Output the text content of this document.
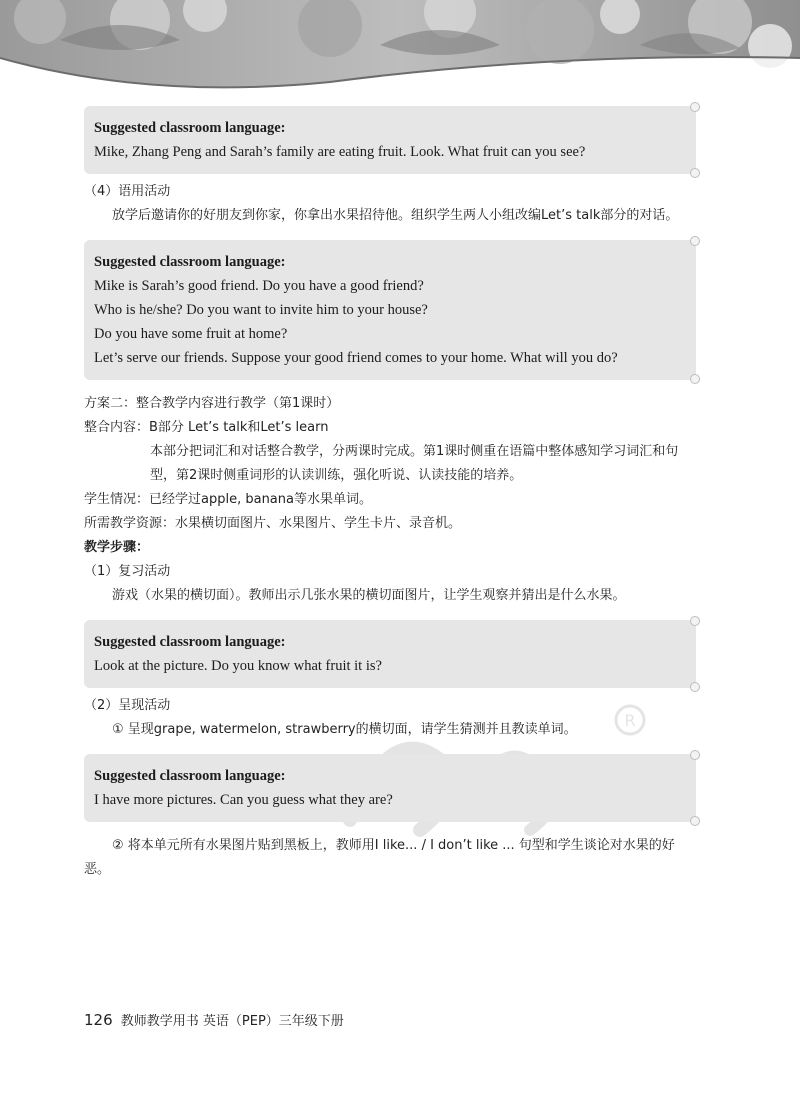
R
Suggested classroom language:
Mike, Zhang Peng and Sarah’s family are eating fruit. Look. What fruit can you see?
（4）语用活动
放学后邀请你的好朋友到你家，你拿出水果招待他。组织学生两人小组改编Let’s talk部分的对话。
Suggested classroom language:
Mike is Sarah’s good friend. Do you have a good friend?
Who is he/she? Do you want to invite him to your house?
Do you have some fruit at home?
Let’s serve our friends. Suppose your good friend comes to your home. What will you do?
方案二：整合教学内容进行教学（第1课时）
整合内容：B部分 Let’s talk和Let’s learn
本部分把词汇和对话整合教学，分两课时完成。第1课时侧重在语篇中整体感知学习词汇和句型，第2课时侧重词形的认读训练，强化听说、认读技能的培养。
学生情况：已经学过apple, banana等水果单词。
所需教学资源：水果横切面图片、水果图片、学生卡片、录音机。
教学步骤：
（1）复习活动
游戏（水果的横切面）。教师出示几张水果的横切面图片，让学生观察并猜出是什么水果。
Suggested classroom language:
Look at the picture. Do you know what fruit it is?
（2）呈现活动
① 呈现grape, watermelon, strawberry的横切面，请学生猜测并且教读单词。
Suggested classroom language:
I have more pictures. Can you guess what they are?
② 将本单元所有水果图片贴到黑板上，教师用I like... / I don’t like ... 句型和学生谈论对水果的好恶。
126 教师教学用书 英语（PEP）三年级下册
